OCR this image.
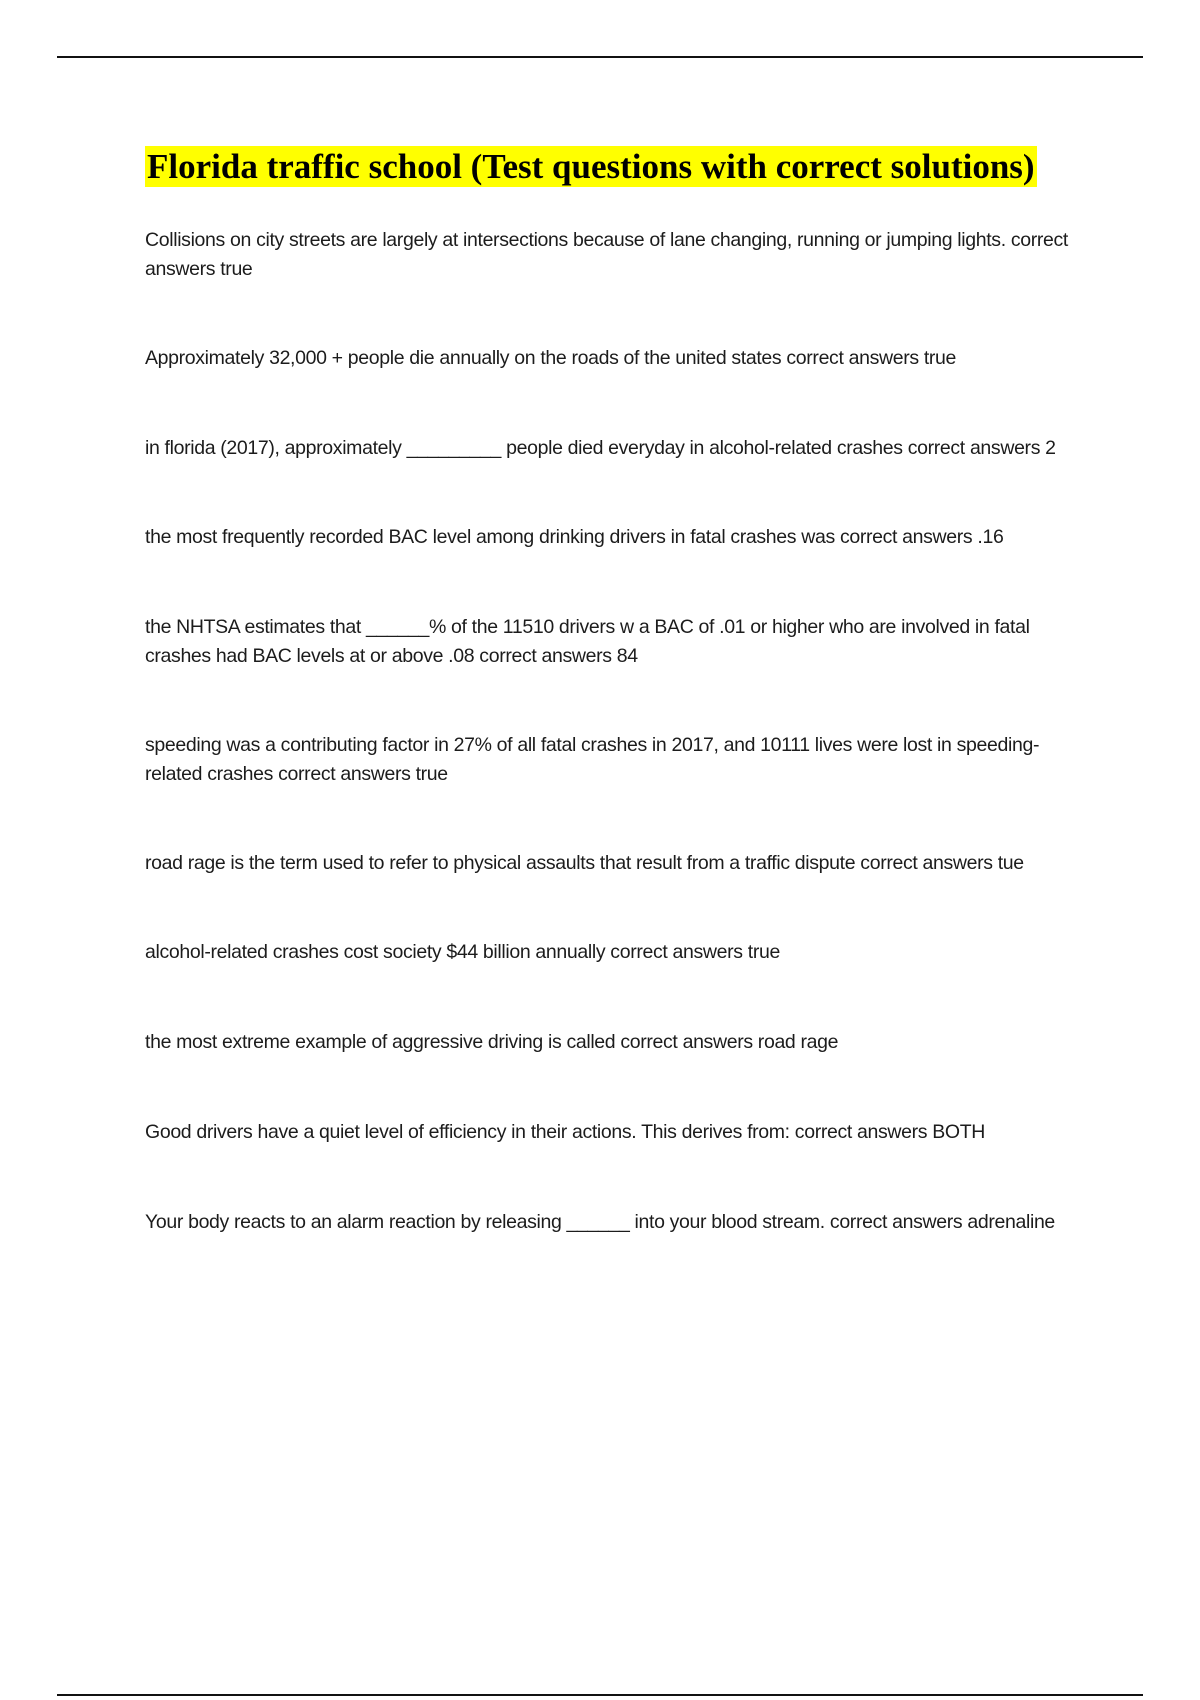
Florida traffic school (Test questions with correct solutions)
Collisions on city streets are largely at intersections because of lane changing, running or jumping lights. correct answers true
Approximately 32,000 + people die annually on the roads of the united states correct answers true
in florida (2017), approximately _________ people died everyday in alcohol-related crashes correct answers 2
the most frequently recorded BAC level among drinking drivers in fatal crashes was correct answers .16
the NHTSA estimates that ______% of the 11510 drivers w a BAC of .01 or higher who are involved in fatal crashes had BAC levels at or above .08 correct answers 84
speeding was a contributing factor in 27% of all fatal crashes in 2017, and 10111 lives were lost in speeding-related crashes correct answers true
road rage is the term used to refer to physical assaults that result from a traffic dispute correct answers tue
alcohol-related crashes cost society $44 billion annually correct answers true
the most extreme example of aggressive driving is called correct answers road rage
Good drivers have a quiet level of efficiency in their actions. This derives from: correct answers BOTH
Your body reacts to an alarm reaction by releasing ______ into your blood stream. correct answers adrenaline
